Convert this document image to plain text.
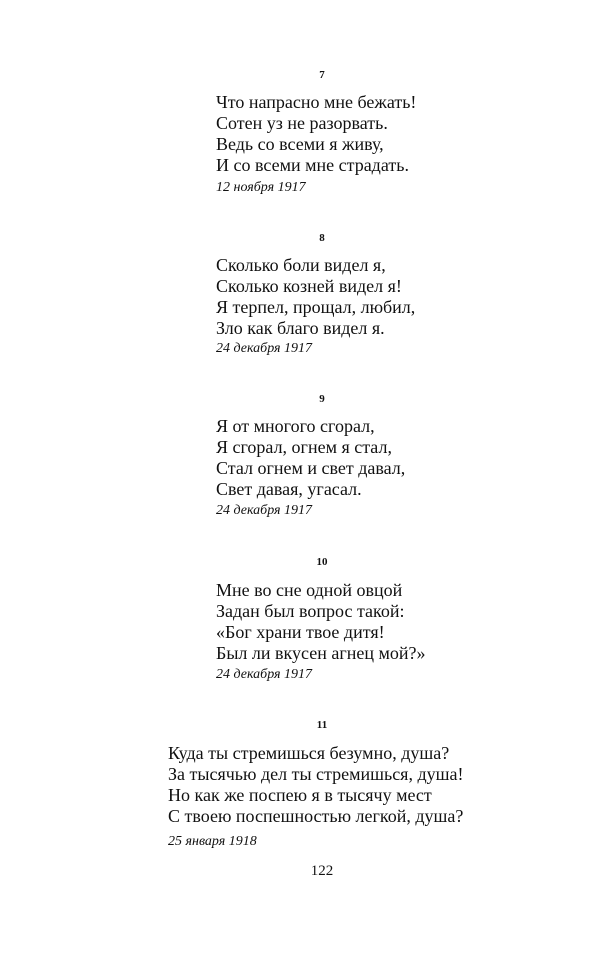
7
Что напрасно мне бежать!
Сотен уз не разорвать.
Ведь со всеми я живу,
И со всеми мне страдать.
12 ноября 1917
8
Сколько боли видел я,
Сколько козней видел я!
Я терпел, прощал, любил,
Зло как благо видел я.
24 декабря 1917
9
Я от многого сгорал,
Я сгорал, огнем я стал,
Стал огнем и свет давал,
Свет давая, угасал.
24 декабря 1917
10
Мне во сне одной овцой
Задан был вопрос такой:
«Бог храни твое дитя!
Был ли вкусен агнец мой?»
24 декабря 1917
11
Куда ты стремишься безумно, душа?
За тысячью дел ты стремишься, душа!
Но как же поспею я в тысячу мест
С твоею поспешностью легкой, душа?
25 января 1918
122
